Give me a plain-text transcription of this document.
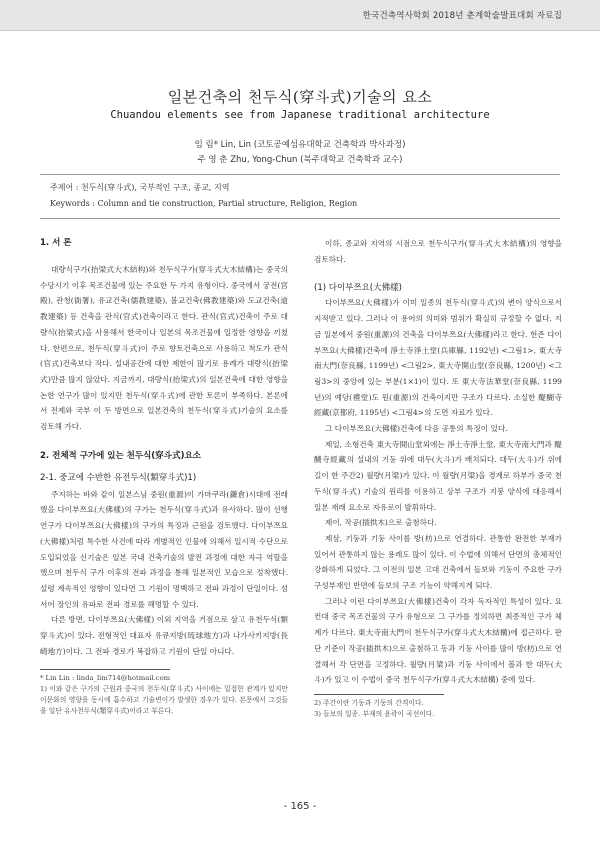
한국건축역사학회 2018년 춘계학술발표대회 자료집
일본건축의 천두식(穿斗式)기술의 요소
Chuandou elements see from Japanese traditional architecture
임 림* Lin, Lin (코토공예섬유대학교 건축학과 박사과정)
주 영 춘 Zhu, Yong-Chun (북주대학교 건축학과 교수)
주제어 : 천두식(穿斗式), 국부적인 구조, 종교, 지역
Keywords : Column and tie construction, Partial structure, Religion, Region

1. 서 론

대량식구가(抬梁式大木結构)와 천두식구가(穿斗式大木結構)는 중국의 수당시기 이후 목조건물에 있는 주요한 두 가지 유형이다. 중국에서 궁전(宮殿), 관청(衙署), 유교건축(儒教建築), 불교건축(佛教建築)와 도교건축(道教建築) 등 건축을 관식(官式)건축이라고 한다. 관식(官式)건축이 주로 대량식(抬梁式)을 사용해서 한국이나 일본의 목조건물에 일정한 영향을 끼쳤다. 한편으로, 천두식(穿斗式)이 주로 향토건축으로 사용하고 척도가 관식(官式)건축보다 작다. 설내공간에 대한 제한이 많기로 용례가 대량식(抬梁式)만큼 많지 않았다. 지금까지, 대량식(抬梁式)의 일본건축에 대한 영향을 논한 연구가 많이 있지만 천두식(穿斗式)에 관한 토론이 부족하다. 본론에서 전제와 국부 이 두 방면으로 일본건축의 천두식(穿斗式)기술의 요소를 검토해 가다.

2. 전체적 구가에 있는 천두식(穿斗式)요소

2-1. 중교에 수반한 유전두식(類穿斗式)1)

주지하는 바와 같이 일본스님 중원(重源)이 가마쿠라(鎌倉)시대에 전래했을 다이부쯔요(大佛樣)의 구가는 천두식(穿斗式)과 유사하다. 많이 선행연구가 다이부쯔요(大佛樣)의 구가의 특징과 근원을 검토했다. 다이부쯔요(大佛樣)처럼 특수한 사건에 따라 개별적인 인물에 의해서 일시적 수단으로 도입되었을 신기술은 일본 국내 건축기술의 발전 과정에 대한 자극 역할을 했으며 천두식 구가 이후의 전파 과정을 통해 일본적인 모습으로 정착했다. 설령 계속적인 영향이 있다면 그 기원이 명백하고 전파 과정이 단일이다. 섬서어 장인의 유파로 전파 경로를 해명할 수 있다.

다른 방면, 다이부쯔요(大佛樣) 이외 지역을 거점으로 삼고 유천두식(類穿斗式)이 있다. 전형적인 대표자 유큐지방(琉球地方)과 나가사키지방(長崎地方)이다. 그 전파 경로가 복잡하고 기원이 단일 아니다.

* Lin Lin : linda_lim714@hotmail.com

1) 이와 같은 구가의 근원과 중국의 천두식(穿斗式) 사이에는 밀접한 관계가 있지만 이문화의 영향을 동시에 흡수하고 기술변이가 발생한 경우가 있다. 본문에서 그것들을 일단 유사천두식(類穿斗式)이라고 부른다.

이하, 종교와 지역의 시점으로 천두식구가(穿斗式大木結構)의 영향을 검토하다.

(1) 다이부쯔요(大佛樣)

다이부쯔요(大佛樣)가 이미 일종의 천두식(穿斗式)의 변이 양식으로서 지적받고 있다. 그러나 이 용어의 의미와 범위가 확실히 규정할 수 없다. 지금 일본에서 중원(重源)의 건축을 다이부쯔요(大佛樣)라고 한다. 현존 다이부쯔요(大佛樣)건축에 淨土寺淨土堂(兵庫縣, 1192년) <그림1>, 東大寺南大門(奈良縣, 1199년) <그림2>, 東大寺開山堂(奈良縣, 1200년) <그림3>의 중앙에 있는 부분(1×1)이 있다. 또 東大寺法華堂(奈良縣, 1199년)의 예당(禮堂)도 원(重源)의 건축이지만 구조가 다르다. 소실한 醍醐寺經藏(京都府, 1195년) <그림4>의 도면 자료가 있다.

그 다이부쯔요(大佛樣)건축에 다음 공통의 특징이 있다.

제일, 소형건축 東大寺開山堂외에는 淨土寺淨土堂, 東大寺南大門과 醍醐寺經藏의 설내의 기둥 위에 대두(大斗)가 배치되다. 대두(大斗)가 위에 길이 한 주간2) 월량(月梁)가 있다. 이 월량(月梁)을 경계로 하부가 중국 천두식(穿斗式) 기술의 원리를 이용하고 상부 구조가 지붕 양식에 대응해서 일본 재래 요소로 자유로이 발휘하다.

제이, 작공(插拱木)으로 출첨하다.

제삼, 기둥과 기둥 사이를 방(枋)으로 연결하다. 관통한 완전한 부재가 있어서 관통하지 않는 용례도 많이 있다. 이 수법에 의해서 단면의 총체적인 강화하게 되었다. 그 이전의 일본 고대 건축에서 들보와 기둥이 주요한 구가 구성부재인 반면에 들보의 구조 기능이 약해지게 되다.

그러나 이런 다이부쯔요(大佛樣)건축이 각자 독자적인 특성이 있다. 요컨대 중국 목조건물의 구가 유형으로 그 구가를 정의하면 최종적인 구가 체계가 다르다. 東大寺南大門이 천두식구가(穿斗式大木結構)에 접근하다. 판단 기준이 작공(插拱木)으로 출첨하고 동과 기둥 사이를 많이 방(枋)으로 연결해서 각 단면을 고정하다. 월량(月梁)과 기둥 사이에서 볼과 한 대두(大斗)가 있고 이 수법이 중국 천두식구가(穿斗式大木結構) 중에 있다.

2) 주간이란 기둥과 기둥의 간격이다.

3) 들보의 일종. 부재의 윤곽이 곡선이다.

- 165 -
